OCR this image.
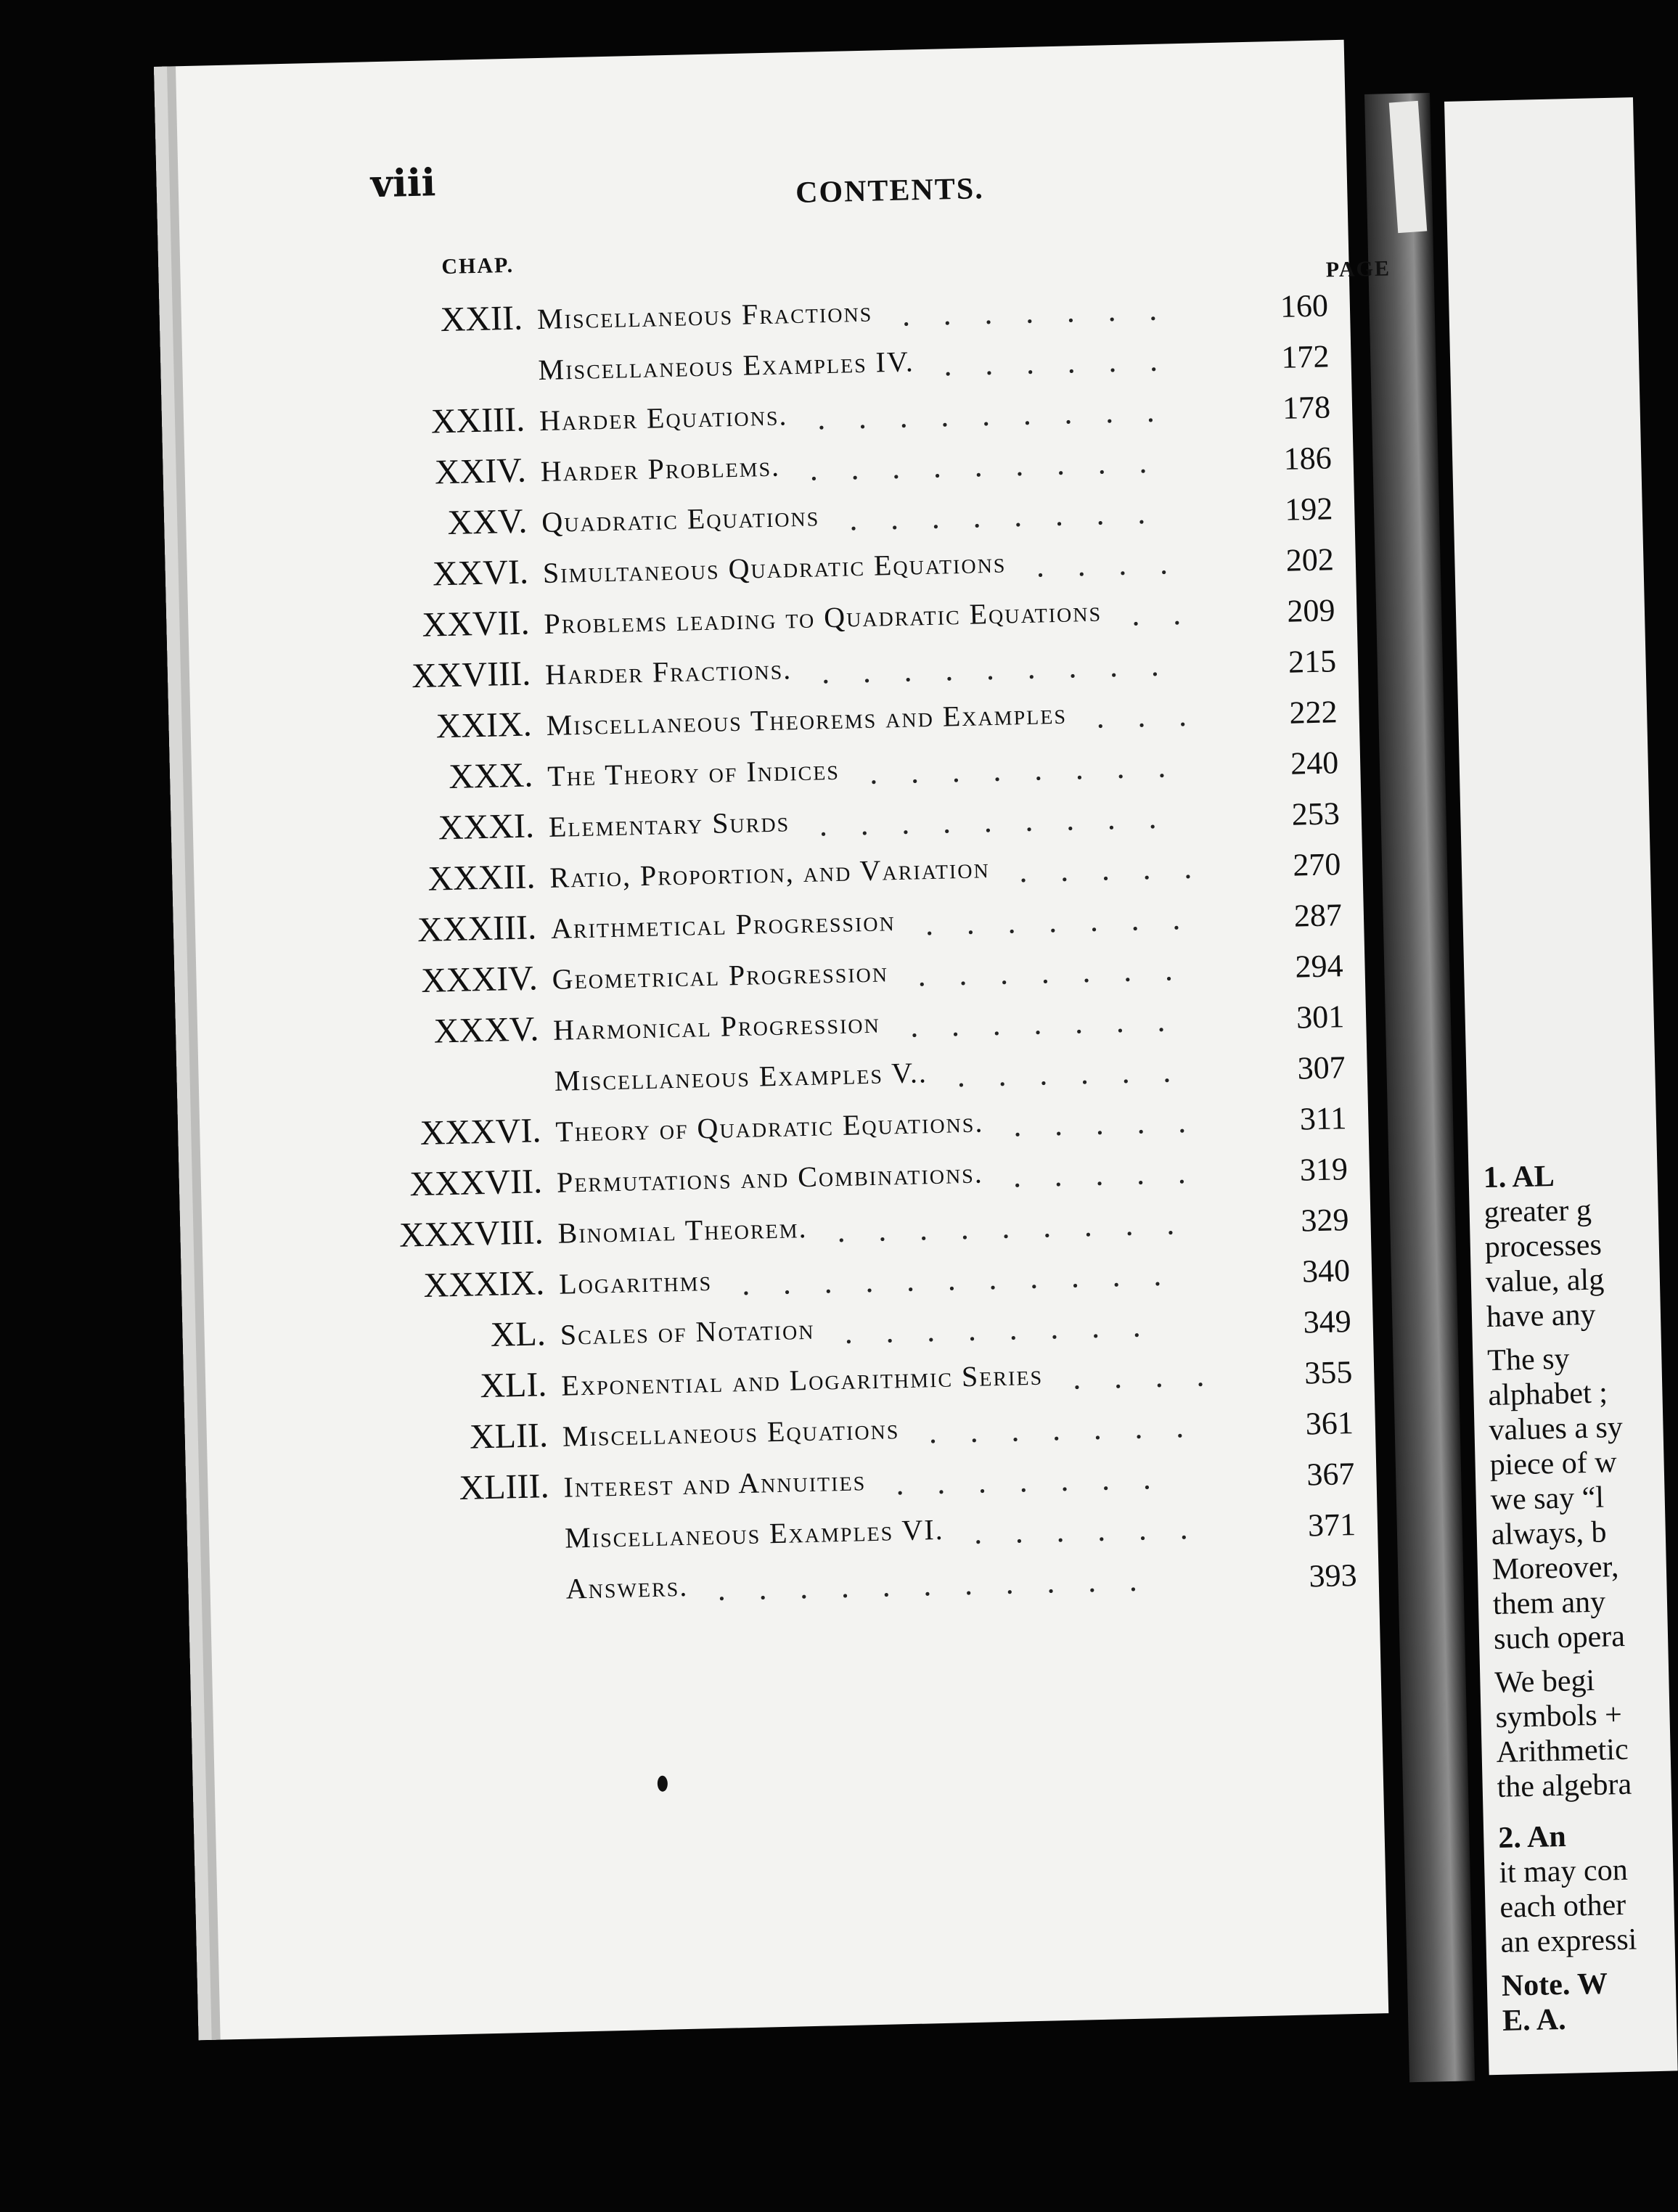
viii	CONTENTS.
CHAP.	PAGE
XXII. Miscellaneous Fractions	160
.......
Miscellaneous Examples IV.	172
......
XXIII. Harder Equations.	178
.........
XXIV. Harder Problems.	186
.........
XXV. Quadratic Equations	192
........
XXVI. Simultaneous Quadratic Equations	202
....
XXVII. Problems leading to Quadratic Equations	209
..
XXVIII. Harder Fractions.	215
.........
XXIX. Miscellaneous Theorems and Examples	222
...
XXX. The Theory of Indices	240
........
XXXI. Elementary Surds	253
.........
XXXII. Ratio, Proportion, and Variation	270
.....
XXXIII. Arithmetical Progression	287
.......
XXXIV. Geometrical Progression	294
.......
XXXV. Harmonical Progression	301
.......
Miscellaneous Examples V..	307
......
XXXVI. Theory of Quadratic Equations.	311
.....
XXXVII. Permutations and Combinations.	319
.....
XXXVIII. Binomial Theorem.	329
.........
XXXIX. Logarithms	340
...........
XL. Scales of Notation	349
........
XLI. Exponential and Logarithmic Series	355
....
XLII. Miscellaneous Equations	361
.......
XLIII. Interest and Annuities	367
.......
Miscellaneous Examples VI.	371
......
Answers.	393
...........
1. AL
greater g
processes
value, alg
have any
The sy
alphabet ;
values a sy
piece of w
we say “l
always, b
Moreover,
them any
such opera
We begi
symbols +
Arithmetic
the algebra
2. An
it may con
each other
an expressi
Note. W
E. A.
